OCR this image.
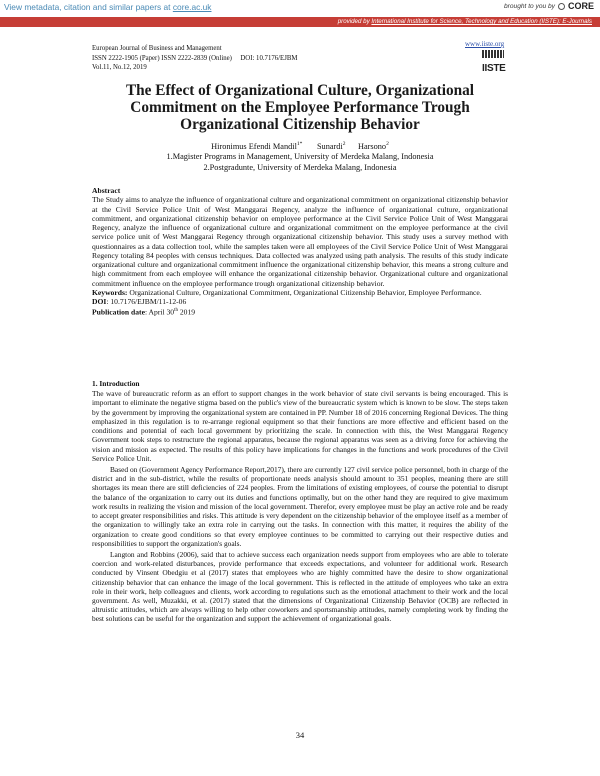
View metadata, citation and similar papers at core.ac.uk	brought to you by CORE
provided by International Institute for Science, Technology and Education (IISTE): E-Journals
European Journal of Business and Management
ISSN 2222-1905 (Paper) ISSN 2222-2839 (Online) DOI: 10.7176/EJBM
Vol.11, No.12, 2019
www.iiste.org
IISTE
The Effect of Organizational Culture, Organizational Commitment on the Employee Performance Trough Organizational Citizenship Behavior
Hironimus Efendi Mandil$^{1*}$ Sunardi$^2$ Harsono$^2$
1.Magister Programs in Management, University of Merdeka Malang, Indonesia
2.Postgradunte, University of Merdeka Malang, Indonesia
Abstract
The Study aims to analyze the influence of organizational culture and organizational commitment on organizational citizenship behavior at the Civil Service Police Unit of West Manggarai Regency, analyze the influence of organizational culture, organizational commitment, and organizational citizenship behavior on employee performance at the Civil Service Police Unit of West Manggarai Regency, analyze the influence of organizational culture and organizational commitment on the employee performance at the civil service police unit of West Manggarai Regency through organizational citizenship behavior. This study uses a survey method with questionnaires as a data collection tool, while the samples taken were all employees of the Civil Service Police Unit of West Manggarai Regency totaling 84 peoples with census techniques. Data collected was analyzed using path analysis. The results of this study indicate organizational culture and organizational commitment influence the organizational citizenship behavior, this means a strong culture and high commitment from each employee will enhance the organizational citizenship behavior. Organizational culture and organizational commitment influence on the employee performance trough organizational citizenship behavior.
Keywords: Organizational Culture, Organizational Commitment, Organizational Citizenship Behavior, Employee Performance.
DOI: 10.7176/EJBM/11-12-06
Publication date: April 30th 2019
1. Introduction

The wave of bureaucratic reform as an effort to support changes in the work behavior of state civil servants is being encouraged. This is important to eliminate the negative stigma based on the public's view of the bureaucratic system which is known to be slow. The steps taken by the government by improving the organizational system are contained in PP. Number 18 of 2016 concerning Regional Devices. The thing emphasized in this regulation is to re-arrange regional equipment so that their functions are more effective and efficient based on the conditions and potential of each local government by prioritizing the scale. In connection with this, the West Manggarai Regency Government took steps to restructure the regional apparatus, because the regional apparatus was seen as a driving force for achieving the vision and mission as expected. The results of this policy have implications for changes in the functions and work procedures of the Civil Service Police Unit.

Based on (Government Agency Performance Report,2017), there are currently 127 civil service police personnel, both in charge of the district and in the sub-district, while the results of proportionate needs analysis should amount to 351 peoples, meaning there are still shortages its mean there are still deficiencies of 224 peoples. From the limitations of existing employees, of course the potential to disrupt the balance of the organization to carry out its duties and functions optimally, but on the other hand they are required to give maximum work results in realizing the vision and mission of the local government. Therefor, every employee must be play an active role and be ready to accept greater responsibilities and risks. This attitude is very dependent on the citizenship behavior of the employee itself as a member of the organization to willingly take an extra role in carrying out the tasks. In connection with this matter, it requires the ability of the organization to create good conditions so that every employee continues to be committed to carrying out their respective duties and responsibilities to support the organization's goals.

Langton and Robbins (2006), said that to achieve success each organization needs support from employees who are able to tolerate coercion and work-related disturbances, provide performance that exceeds expectations, and volunteer for additional work. Research conducted by Vinsent Obedgiu et al (2017) states that employees who are highly committed have the desire to show organizational citizenship behavior that can enhance the image of the local government. This is reflected in the attitude of employees who take an extra role in their work, help colleagues and clients, work according to regulations such as the emotional attachment to their work and the local government. As well, Muzakki, et al. (2017) stated that the dimensions of Organizational Citizenship Behavior (OCB) are reflected in altruistic attitudes, which are always willing to help other coworkers and sportsmanship attitudes, namely completing work by finding the best solutions can be useful for the organization and support the achievement of organizational goals.

34
